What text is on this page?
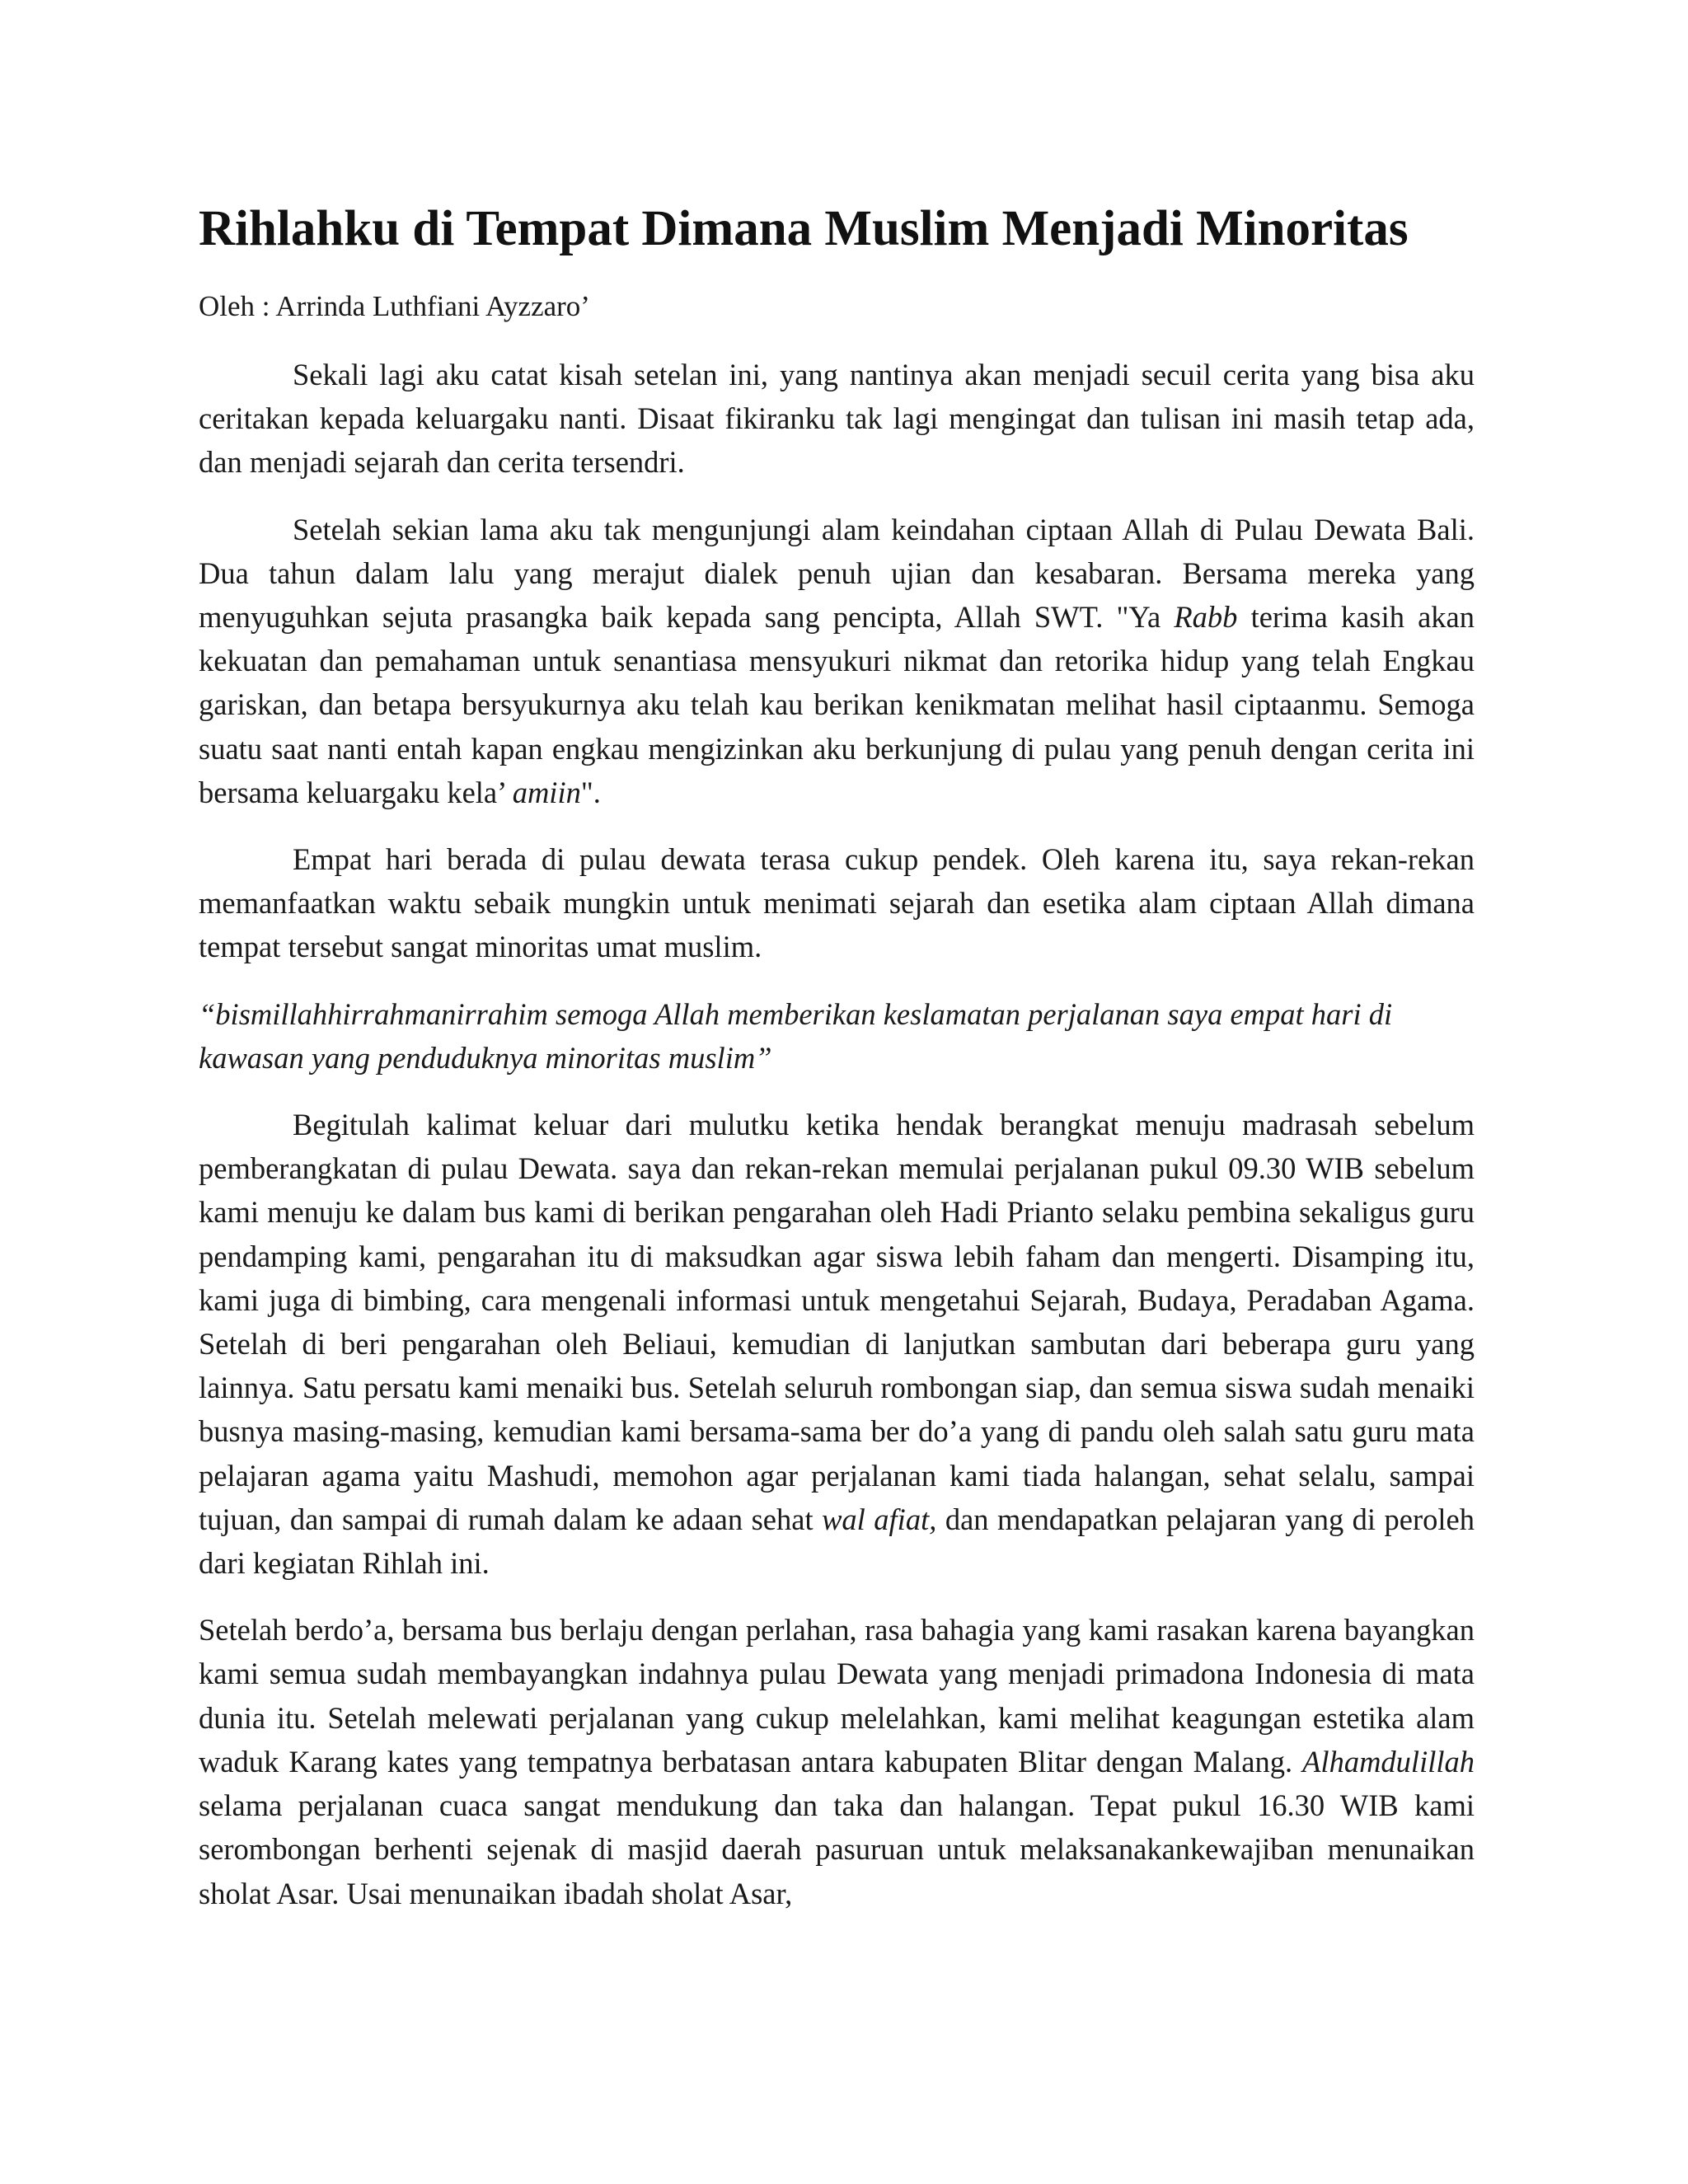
Rihlahku di Tempat Dimana Muslim Menjadi Minoritas

Oleh : Arrinda Luthfiani Ayzzaro’

Sekali lagi aku catat kisah setelan ini, yang nantinya akan menjadi secuil cerita yang bisa aku ceritakan kepada keluargaku nanti. Disaat fikiranku tak lagi mengingat dan tulisan ini masih tetap ada, dan menjadi sejarah dan cerita tersendri.

Setelah sekian lama aku tak mengunjungi alam keindahan ciptaan Allah di Pulau Dewata Bali. Dua tahun dalam lalu yang merajut dialek penuh ujian dan kesabaran. Bersama mereka yang menyuguhkan sejuta prasangka baik kepada sang pencipta, Allah SWT. "Ya Rabb terima kasih akan kekuatan dan pemahaman untuk senantiasa mensyukuri nikmat dan retorika hidup yang telah Engkau gariskan, dan betapa bersyukurnya aku telah kau berikan kenikmatan melihat hasil ciptaanmu. Semoga suatu saat nanti entah kapan engkau mengizinkan aku berkunjung di pulau yang penuh dengan cerita ini bersama keluargaku kela’ amiin".

Empat hari berada di pulau dewata terasa cukup pendek. Oleh karena itu, saya rekan-rekan memanfaatkan waktu sebaik mungkin untuk menimati sejarah dan esetika alam ciptaan Allah dimana tempat tersebut sangat minoritas umat muslim.

“bismillahhirrahmanirrahim semoga Allah memberikan keslamatan perjalanan saya empat hari di kawasan yang penduduknya minoritas muslim”

Begitulah kalimat keluar dari mulutku ketika hendak berangkat menuju madrasah sebelum pemberangkatan di pulau Dewata. saya dan rekan-rekan memulai perjalanan pukul 09.30 WIB sebelum kami menuju ke dalam bus kami di berikan pengarahan oleh Hadi Prianto selaku pembina sekaligus guru pendamping kami, pengarahan itu di maksudkan agar siswa lebih faham dan mengerti. Disamping itu, kami juga di bimbing, cara mengenali informasi untuk mengetahui Sejarah, Budaya, Peradaban Agama. Setelah di beri pengarahan oleh Beliaui, kemudian di lanjutkan sambutan dari beberapa guru yang lainnya. Satu persatu kami menaiki bus. Setelah seluruh rombongan siap, dan semua siswa sudah menaiki busnya masing-masing, kemudian kami bersama-sama ber do’a yang di pandu oleh salah satu guru mata pelajaran agama yaitu Mashudi, memohon agar perjalanan kami tiada halangan, sehat selalu, sampai tujuan, dan sampai di rumah dalam ke adaan sehat wal afiat, dan mendapatkan pelajaran yang di peroleh dari kegiatan Rihlah ini.

Setelah berdo’a, bersama bus berlaju dengan perlahan, rasa bahagia yang kami rasakan karena bayangkan kami semua sudah membayangkan indahnya pulau Dewata yang menjadi primadona Indonesia di mata dunia itu. Setelah melewati perjalanan yang cukup melelahkan, kami melihat keagungan estetika alam waduk Karang kates yang tempatnya berbatasan antara kabupaten Blitar dengan Malang. Alhamdulillah selama perjalanan cuaca sangat mendukung dan taka dan halangan. Tepat pukul 16.30 WIB kami serombongan berhenti sejenak di masjid daerah pasuruan untuk melaksanakankewajiban menunaikan sholat Asar. Usai menunaikan ibadah sholat Asar,
